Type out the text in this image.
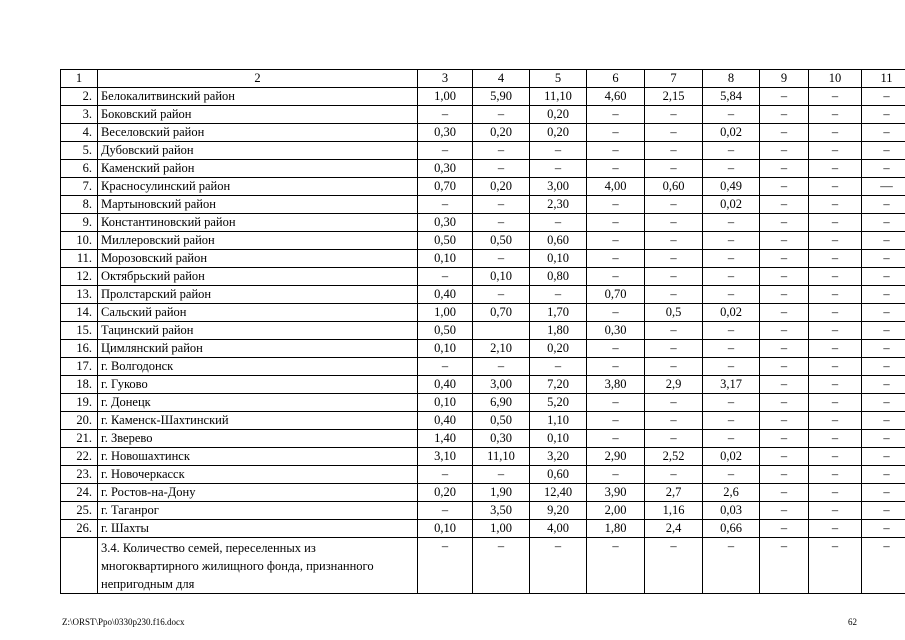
1	2	3	4	5	6	7	8	9	10	11
2.	Белокалитвинский район	1,00	5,90	11,10	4,60	2,15	5,84	–	–	–
3.	Боковский район	–	–	0,20	–	–	–	–	–	–
4.	Веселовский район	0,30	0,20	0,20	–	–	0,02	–	–	–
5.	Дубовский район	–	–	–	–	–	–	–	–	–
6.	Каменский район	0,30	–	–	–	–	–	–	–	–
7.	Красносулинский район	0,70	0,20	3,00	4,00	0,60	0,49	–	–	—
8.	Мартыновский район	–	–	2,30	–	–	0,02	–	–	–
9.	Константиновский район	0,30	–	–	–	–	–	–	–	–
10.	Миллеровский район	0,50	0,50	0,60	–	–	–	–	–	–
11.	Морозовский район	0,10	–	0,10	–	–	–	–	–	–
12.	Октябрьский район	–	0,10	0,80	–	–	–	–	–	–
13.	Пролстарский район	0,40	–	–	0,70	–	–	–	–	–
14.	Сальский район	1,00	0,70	1,70	–	0,5	0,02	–	–	–
15.	Тацинский район	0,50		1,80	0,30	–	–	–	–	–
16.	Цимлянский район	0,10	2,10	0,20	–	–	–	–	–	–
17.	г. Волгодонск	–	–	–	–	–	–	–	–	–
18.	г. Гуково	0,40	3,00	7,20	3,80	2,9	3,17	–	–	–
19.	г. Донецк	0,10	6,90	5,20	–	–	–	–	–	–
20.	г. Каменск-Шахтинский	0,40	0,50	1,10	–	–	–	–	–	–
21.	г. Зверево	1,40	0,30	0,10	–	–	–	–	–	–
22.	г. Новошахтинск	3,10	11,10	3,20	2,90	2,52	0,02	–	–	–
23.	г. Новочеркасск	–	–	0,60	–	–	–	–	–	–
24.	г. Ростов-на-Дону	0,20	1,90	12,40	3,90	2,7	2,6	–	–	–
25.	г. Таганрог	–	3,50	9,20	2,00	1,16	0,03	–	–	–
26.	г. Шахты	0,10	1,00	4,00	1,80	2,4	0,66	–	–	–
	3.4. Количество семей, переселенных из многоквартирного жилищного фонда, признанного непригодным для	–	–	–	–	–	–	–	–	–
Z:\ORST\Ppo\0330p230.f16.docx	62
